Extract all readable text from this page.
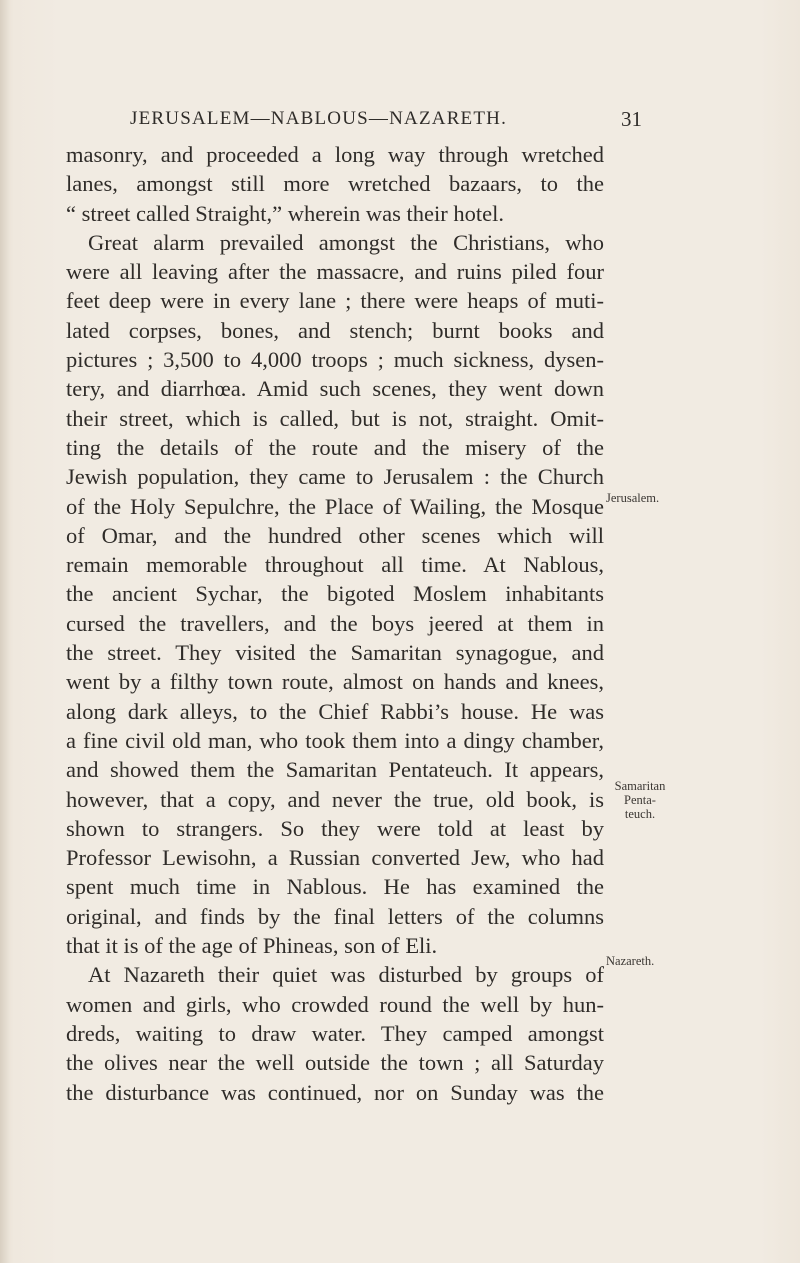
JERUSALEM—NABLOUS—NAZARETH.	31
masonry, and proceeded a long way through wretched
lanes, amongst still more wretched bazaars, to the
“ street called Straight,” wherein was their hotel.
Great alarm prevailed amongst the Christians, who
were all leaving after the massacre, and ruins piled four
feet deep were in every lane ; there were heaps of muti-
lated corpses, bones, and stench; burnt books and
pictures ; 3,500 to 4,000 troops ; much sickness, dysen-
tery, and diarrhœa. Amid such scenes, they went down
their street, which is called, but is not, straight. Omit-
ting the details of the route and the misery of the
Jewish population, they came to Jerusalem : the Church
of the Holy Sepulchre, the Place of Wailing, the Mosque
of Omar, and the hundred other scenes which will
remain memorable throughout all time. At Nablous,
the ancient Sychar, the bigoted Moslem inhabitants
cursed the travellers, and the boys jeered at them in
the street. They visited the Samaritan synagogue, and
went by a filthy town route, almost on hands and knees,
along dark alleys, to the Chief Rabbi’s house. He was
a fine civil old man, who took them into a dingy chamber,
and showed them the Samaritan Pentateuch. It appears,
however, that a copy, and never the true, old book, is
shown to strangers. So they were told at least by
Professor Lewisohn, a Russian converted Jew, who had
spent much time in Nablous. He has examined the
original, and finds by the final letters of the columns
that it is of the age of Phineas, son of Eli.
At Nazareth their quiet was disturbed by groups of
women and girls, who crowded round the well by hun-
dreds, waiting to draw water. They camped amongst
the olives near the well outside the town ; all Saturday
the disturbance was continued, nor on Sunday was the
Jerusalem.
Samaritan
Penta-
teuch.
Nazareth.
